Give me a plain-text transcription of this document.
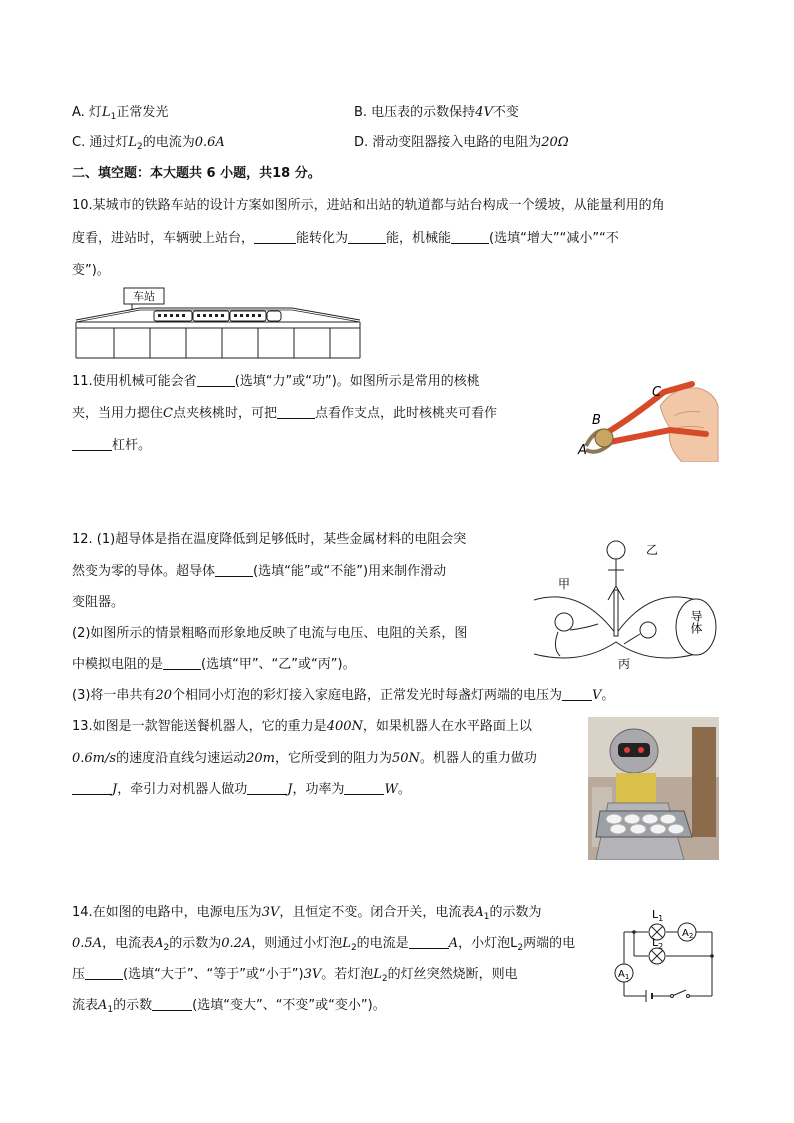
A. 灯$L_1$正常发光	B. 电压表的示数保持4V不变
C. 通过灯$L_2$的电流为0.6A	D. 滑动变阻器接入电路的电阻为20Ω
二、填空题：本大题共 6 小题，共18 分。
10.某城市的铁路车站的设计方案如图所示，进站和出站的轨道都与站台构成一个缓坡，从能量利用的角
度看，进站时，车辆驶上站台，	能转化为	能，机械能	(选填“增大”“减小”“不
变”)。
车站
11.使用机械可能会省	(选填“力”或“功”)。如图所示是常用的核桃
夹，当用力摁住C点夹核桃时，可把	点看作支点，此时核桃夹可看作
杠杆。
B
A
C
12. (1)超导体是指在温度降低到足够低时，某些金属材料的电阻会突
然变为零的导体。超导体	(选填“能”或“不能”)用来制作滑动
变阻器。
(2)如图所示的情景粗略而形象地反映了电流与电压、电阻的关系，图
中模拟电阻的是	(选填“甲”、“乙”或“丙”)。
(3)将一串共有20个相同小灯泡的彩灯接入家庭电路，正常发光时每盏灯两端的电压为 V。
导体
甲
丙
乙
13.如图是一款智能送餐机器人，它的重力是400N，如果机器人在水平路面上以
0.6m/s的速度沿直线匀速运动20m，它所受到的阻力为50N。机器人的重力做功
J，牵引力对机器人做功	J，功率为	W。
14.在如图的电路中，电源电压为3V，且恒定不变。闭合开关，电流表$A_1$的示数为
0.5A，电流表$A_2$的示数为0.2A，则通过小灯泡$L_2$的电流是	A，小灯泡$L_2$两端的电
压	(选填“大于”、“等于”或“小于”)3V。若灯泡$L_2$的灯丝突然烧断，则电
流表$A_1$的示数	(选填“变大”、“不变”或“变小”)。
$L_1$
$A_2$
$L_2$
$A_1$
